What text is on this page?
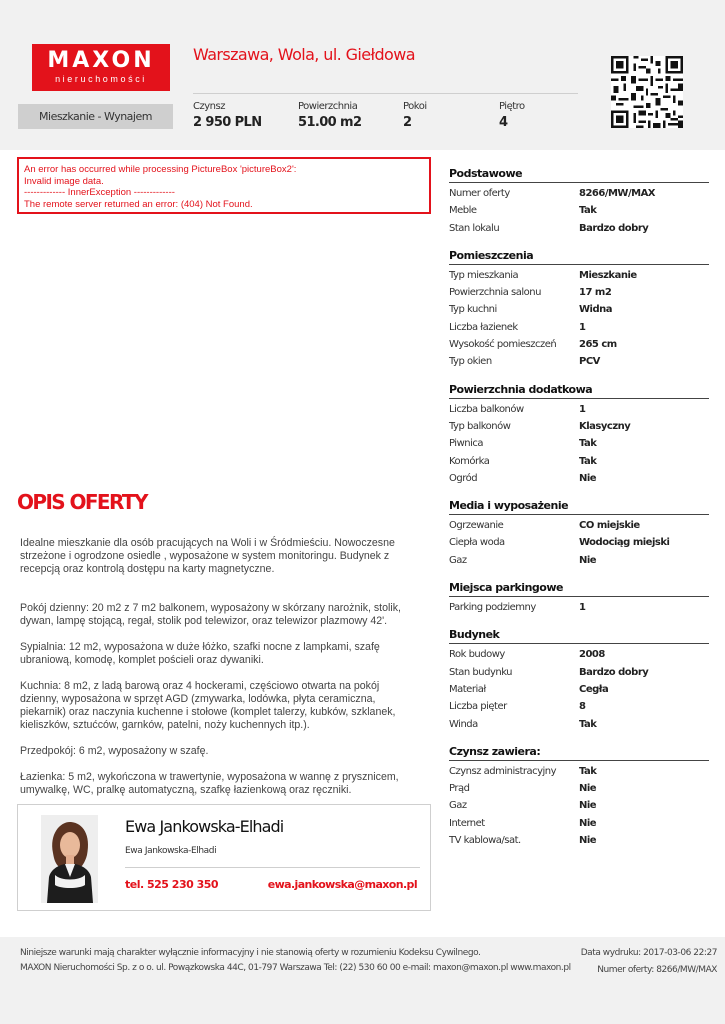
MAXON
nieruchomości
Warszawa, Wola, ul. Giełdowa
Mieszkanie - Wynajem
Czynsz
2 950 PLN
Powierzchnia
51.00 m2
Pokoi
2
Piętro
4
An error has occurred while processing PictureBox 'pictureBox2':
Invalid image data.
------------- InnerException -------------
The remote server returned an error: (404) Not Found.
Podstawowe
Numer oferty	8266/MW/MAX
Meble	Tak
Stan lokalu	Bardzo dobry
Pomieszczenia
Typ mieszkania	Mieszkanie
Powierzchnia salonu	17 m2
Typ kuchni	Widna
Liczba łazienek	1
Wysokość pomieszczeń 265 cm
Typ okien	PCV
Powierzchnia dodatkowa
Liczba balkonów	1
Typ balkonów	Klasyczny
Piwnica	Tak
Komórka	Tak
Ogród	Nie
Media i wyposażenie
Ogrzewanie	CO miejskie
Ciepła woda	Wodociąg miejski
Gaz	Nie
Miejsca parkingowe
Parking podziemny	1
Budynek
Rok budowy	2008
Stan budynku	Bardzo dobry
Materiał	Cegła
Liczba pięter	8
Winda	Tak
Czynsz zawiera:
Czynsz administracyjny Tak
Prąd	Nie
Gaz	Nie
Internet	Nie
TV kablowa/sat.	Nie
OPIS OFERTY

Idealne mieszkanie dla osób pracujących na Woli i w Śródmieściu. Nowoczesne strzeżone i ogrodzone osiedle , wyposażone w system monitoringu. Budynek z recepcją oraz kontrolą dostępu na karty magnetyczne.

Pokój dzienny: 20 m2 z 7 m2 balkonem, wyposażony w skórzany narożnik, stolik, dywan, lampę stojącą, regał, stolik pod telewizor, oraz telewizor plazmowy 42'.

Sypialnia: 12 m2, wyposażona w duże łóżko, szafki nocne z lampkami, szafę ubraniową, komodę, komplet pościeli oraz dywaniki.

Kuchnia: 8 m2, z ladą barową oraz 4 hockerami, częściowo otwarta na pokój dzienny, wyposażona w sprzęt AGD (zmywarka, lodówka, płyta ceramiczna, piekarnik) oraz naczynia kuchenne i stołowe (komplet talerzy, kubków, szklanek, kieliszków, sztućców, garnków, patelni, noży kuchennych itp.).

Przedpokój: 6 m2, wyposażony w szafę.

Łazienka: 5 m2, wykończona w trawertynie, wyposażona w wannę z prysznicem, umywalkę, WC, pralkę automatyczną, szafkę łazienkową oraz ręczniki.

Ewa Jankowska-Elhadi
Ewa Jankowska-Elhadi
tel. 525 230 350	ewa.jankowska@maxon.pl
Niniejsze warunki mają charakter wyłącznie informacyjny i nie stanowią oferty w rozumieniu Kodeksu Cywilnego.
MAXON Nieruchomości Sp. z o o. ul. Powązkowska 44C, 01-797 Warszawa Tel: (22) 530 60 00 e-mail: maxon@maxon.pl www.maxon.pl
Data wydruku: 2017-03-06 22:27
Numer oferty: 8266/MW/MAX
